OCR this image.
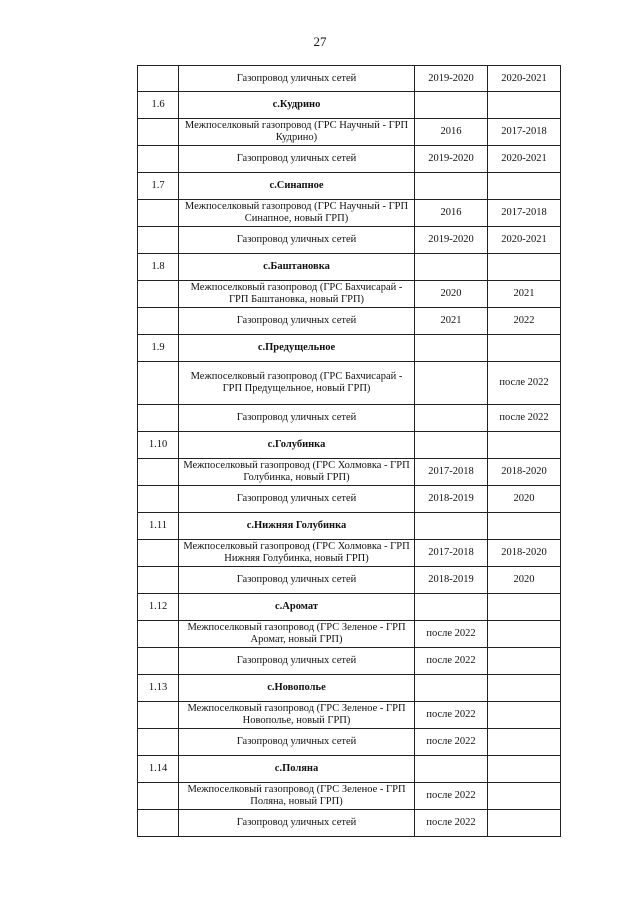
27
	Газопровод уличных сетей	2019-2020	2020-2021
1.6	с.Кудрино		
	Межпоселковый газопровод (ГРС Научный - ГРП Кудрино)	2016	2017-2018
	Газопровод уличных сетей	2019-2020	2020-2021
1.7	с.Синапное		
	Межпоселковый газопровод (ГРС Научный - ГРП Синапное, новый ГРП)	2016	2017-2018
	Газопровод уличных сетей	2019-2020	2020-2021
1.8	с.Баштановка		
	Межпоселковый газопровод (ГРС Бахчисарай - ГРП Баштановка, новый ГРП)	2020	2021
	Газопровод уличных сетей	2021	2022
1.9	с.Предущельное		
	Межпоселковый газопровод (ГРС Бахчисарай - ГРП Предущельное, новый ГРП)		после 2022
	Газопровод уличных сетей		после 2022
1.10	с.Голубинка		
	Межпоселковый газопровод (ГРС Холмовка - ГРП Голубинка, новый ГРП)	2017-2018	2018-2020
	Газопровод уличных сетей	2018-2019	2020
1.11	с.Нижняя Голубинка		
	Межпоселковый газопровод (ГРС Холмовка - ГРП Нижняя Голубинка, новый ГРП)	2017-2018	2018-2020
	Газопровод уличных сетей	2018-2019	2020
1.12	с.Аромат		
	Межпоселковый газопровод (ГРС Зеленое - ГРП Аромат, новый ГРП)	после 2022	
	Газопровод уличных сетей	после 2022	
1.13	с.Новополье		
	Межпоселковый газопровод (ГРС Зеленое - ГРП Новополье, новый ГРП)	после 2022	
	Газопровод уличных сетей	после 2022	
1.14	с.Поляна		
	Межпоселковый газопровод (ГРС Зеленое - ГРП Поляна, новый ГРП)	после 2022	
	Газопровод уличных сетей	после 2022	
